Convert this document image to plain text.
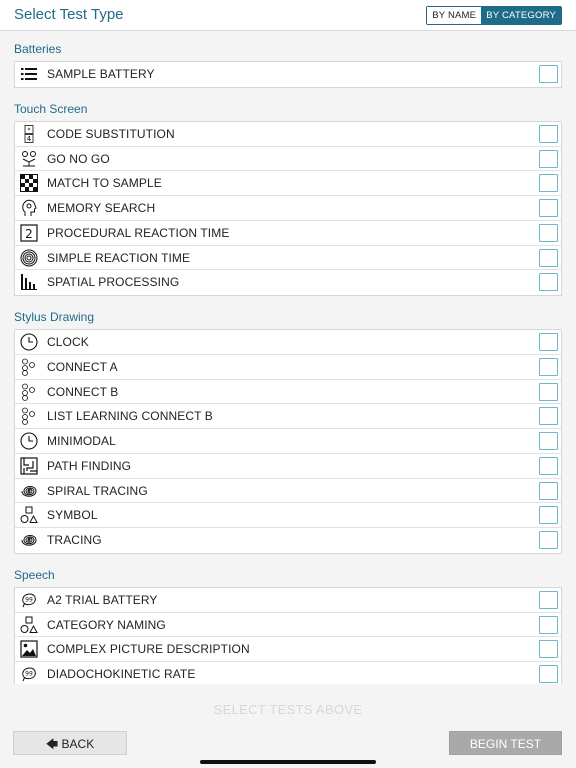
Select Test Type	BY NAME	BY CATEGORY
Batteries
SAMPLE BATTERY
Touch Screen
*
4 CODE SUBSTITUTION
GO NO GO
MATCH TO SAMPLE
MEMORY SEARCH
2 PROCEDURAL REACTION TIME
SIMPLE REACTION TIME
SPATIAL PROCESSING
Stylus Drawing
CLOCK
CONNECT A
CONNECT B
LIST LEARNING CONNECT B
MINIMODAL
PATH FINDING
SPIRAL TRACING
SYMBOL
TRACING
Speech
99 A2 TRIAL BATTERY
CATEGORY NAMING
COMPLEX PICTURE DESCRIPTION
99 DIADOCHOKINETIC RATE
SELECT TESTS ABOVE
🡄 BACK	BEGIN TEST
